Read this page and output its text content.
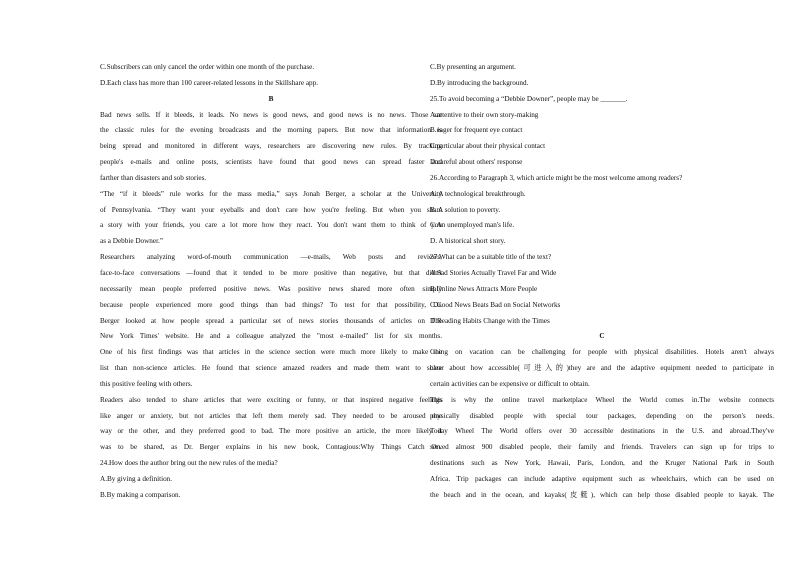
C.Subscribers can only cancel the order within one month of the purchase.
D.Each class has more than 100 career-related lessons in the Skillshare app.
B
Bad news sells. If it bleeds, it leads. No news is good news, and good news is no news. Those are
the classic rules for the evening broadcasts and the morning papers. But now that information is
being spread and monitored in different ways, researchers are discovering new rules. By tracking
people's e-mails and online posts, scientists have found that good news can spread faster and
farther than disasters and sob stories.
“The “if it bleeds” rule works for the mass media,” says Jonah Berger, a scholar at the University
of Pennsylvania. “They want your eyeballs and don't care how you're feeling. But when you share
a story with your friends, you care a lot more how they react. You don't want them to think of you
as a Debbie Downer.”
Researchers analyzing word-of-mouth communication —e-mails, Web posts and reviews,
face-to-face conversations —found that it tended to be more positive than negative, but that didn't
necessarily mean people preferred positive news. Was positive news shared more often simply
because people experienced more good things than bad things? To test for that possibility, Dr.
Berger looked at how people spread a particular set of news stories thousands of articles on The
New York Times' website. He and a colleague analyzed the "most e-mailed" list for six months.
One of his first findings was that articles in the science section were much more likely to make the
list than non-science articles. He found that science amazed readers and made them want to share
this positive feeling with others.
Readers also tended to share articles that were exciting or funny, or that inspired negative feelings
like anger or anxiety, but not articles that left them merely sad. They needed to be aroused one
way or the other, and they preferred good to bad. The more positive an article, the more likely it
was to be shared, as Dr. Berger explains in his new book, Contagious:Why Things Catch On.
24.How does the author bring out the new rules of the media?
A.By giving a definition.
B.By making a comparison.
C.By presenting an argument.
D.By introducing the background.
25.To avoid becoming a “Debbie Downer”, people may be _______.
A.attentive to their own story-making
B.eager for frequent eye contact
C.particular about their physical contact
D.careful about others' response
26.According to Paragraph 3, which article might be the most welcome among readers?
A. A technological breakthrough.
B. A solution to poverty.
C.An unemployed man's life.
D. A historical short story.
27.What can be a suitable title of the text?
A.Sad Stories Actually Travel Far and Wide
B.Online News Attracts More People
C.Good News Beats Bad on Social Networks
D.Reading Habits Change with the Times
C
Going on vacation can be challenging for people with physical disabilities. Hotels aren't always
clear about how accessible(可进入的)they are and the adaptive equipment needed to participate in
certain activities can be expensive or difficult to obtain.
This is why the online travel marketplace Wheel the World comes in.The website connects
physically disabled people with special tour packages, depending on the person's needs.
Today Wheel The World offers over 30 accessible destinations in the U.S. and abroad.They've
served almost 900 disabled people, their family and friends. Travelers can sign up for trips to
destinations such as New York, Hawaii, Paris, London, and the Kruger National Park in South
Africa. Trip packages can include adaptive equipment such as wheelchairs, which can be used on
the beach and in the ocean, and kayaks(皮艇), which can help those disabled people to kayak. The
